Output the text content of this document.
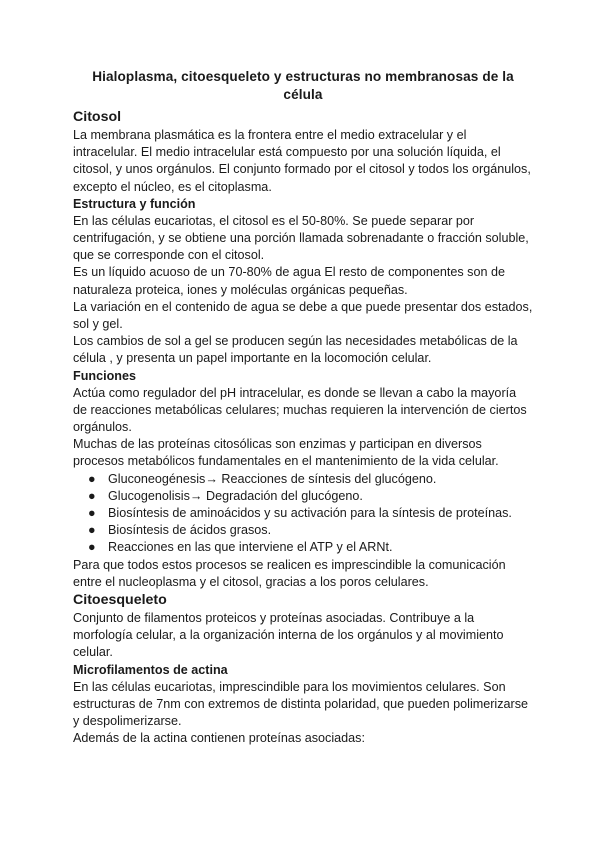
Hialoplasma, citoesqueleto y estructuras no membranosas de la célula
Citosol

La membrana plasmática es la frontera entre el medio extracelular y el intracelular. El medio intracelular está compuesto por una solución líquida, el citosol, y unos orgánulos. El conjunto formado por el citosol y todos los orgánulos, excepto el núcleo, es el citoplasma.

Estructura y función

En las células eucariotas, el citosol es el 50-80%. Se puede separar por centrifugación, y se obtiene una porción llamada sobrenadante o fracción soluble, que se corresponde con el citosol.

Es un líquido acuoso de un 70-80% de agua El resto de componentes son de naturaleza proteica, iones y moléculas orgánicas pequeñas.

La variación en el contenido de agua se debe a que puede presentar dos estados, sol y gel.

Los cambios de sol a gel se producen según las necesidades metabólicas de la célula , y presenta un papel importante en la locomoción celular.

Funciones

Actúa como regulador del pH intracelular, es donde se llevan a cabo la mayoría de reacciones metabólicas celulares; muchas requieren la intervención de ciertos orgánulos.

Muchas de las proteínas citosólicas son enzimas y participan en diversos procesos metabólicos fundamentales en el mantenimiento de la vida celular.

● Gluconeogénesis→ Reacciones de síntesis del glucógeno.
● Glucogenolisis→ Degradación del glucógeno.
● Biosíntesis de aminoácidos y su activación para la síntesis de proteínas.
● Biosíntesis de ácidos grasos.
● Reacciones en las que interviene el ATP y el ARNt.

Para que todos estos procesos se realicen es imprescindible la comunicación entre el nucleoplasma y el citosol, gracias a los poros celulares.

Citoesqueleto

Conjunto de filamentos proteicos y proteínas asociadas. Contribuye a la morfología celular, a la organización interna de los orgánulos y al movimiento celular.

Microfilamentos de actina

En las células eucariotas, imprescindible para los movimientos celulares. Son estructuras de 7nm con extremos de distinta polaridad, que pueden polimerizarse y despolimerizarse.

Además de la actina contienen proteínas asociadas:
